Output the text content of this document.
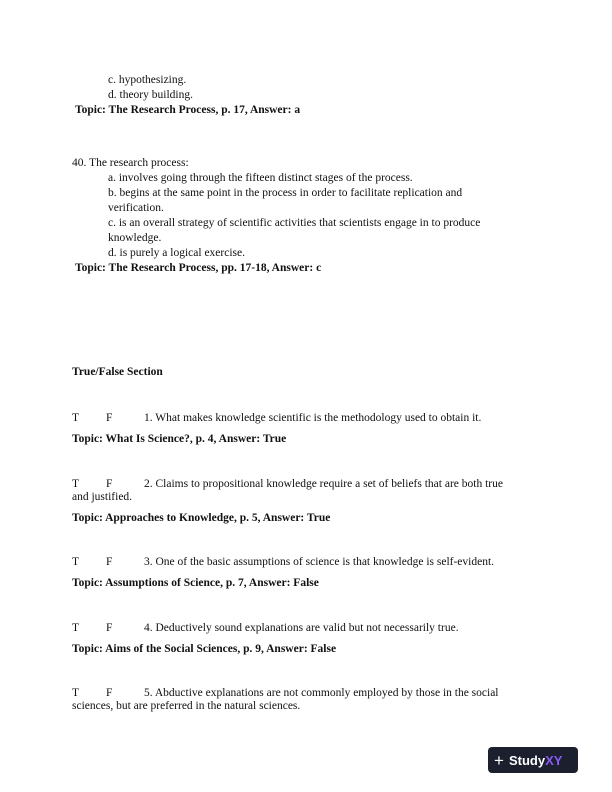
c. hypothesizing.
d. theory building.
Topic: The Research Process, p. 17, Answer: a
40. The research process:
a. involves going through the fifteen distinct stages of the process.
b. begins at the same point in the process in order to facilitate replication and
verification.
c. is an overall strategy of scientific activities that scientists engage in to produce
knowledge.
d. is purely a logical exercise.
Topic: The Research Process, pp. 17-18, Answer: c
True/False Section
T F	1. What makes knowledge scientific is the methodology used to obtain it.
Topic: What Is Science?, p. 4, Answer: True
T F	2. Claims to propositional knowledge require a set of beliefs that are both true
and justified.
Topic: Approaches to Knowledge, p. 5, Answer: True
T F	3. One of the basic assumptions of science is that knowledge is self-evident.
Topic: Assumptions of Science, p. 7, Answer: False
T F	4. Deductively sound explanations are valid but not necessarily true.
Topic: Aims of the Social Sciences, p. 9, Answer: False
T F	5. Abductive explanations are not commonly employed by those in the social
sciences, but are preferred in the natural sciences.
+ Study XY
